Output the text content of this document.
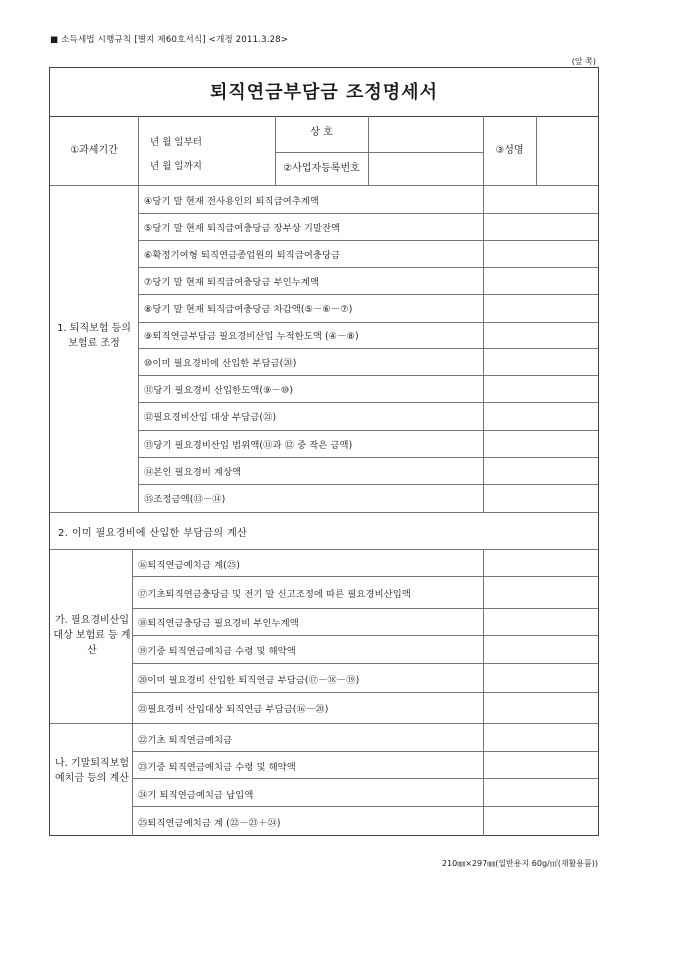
■ 소득세법 시행규칙 [별지 제60호서식] <개정 2011.3.28>
(앞 쪽)
퇴직연금부담금 조정명세서
①과세기간
년 월 일부터
년 월 일까지
상 호
②사업자등록번호
③성명
1. 퇴직보험 등의 보험료 조정
④당기 말 현재 전사용인의 퇴직급여추계액
⑤당기 말 현재 퇴직급여충당금 장부상 기말잔액
⑥확정기여형 퇴직연금종업원의 퇴직급여충당금
⑦당기 말 현재 퇴직급여충당금 부인누계액
⑧당기 말 현재 퇴직급여충당금 차감액(⑤－⑥－⑦)
⑨퇴직연금부담금 필요경비산입 누적한도액 (④－⑧)
⑩이미 필요경비에 산입한 부담금(⑳)
⑪당기 필요경비 산입한도액(⑨－⑩)
⑫필요경비산입 대상 부담금(㉑)
⑬당기 필요경비산입 범위액(⑪과 ⑫ 중 작은 금액)
⑭본인 필요경비 계상액
⑮조정금액(⑬－⑭)
2. 이미 필요경비에 산입한 부담금의 계산
가. 필요경비산입 대상 보험료 등 계산
⑯퇴직연금예치금 계(㉕)
⑰기초퇴직연금충당금 및 전기 말 신고조정에 따른 필요경비산입액
⑱퇴직연금충당금 필요경비 부인누계액
⑲기중 퇴직연금예치금 수령 및 해약액
⑳이미 필요경비 산입한 퇴직연금 부담금(⑰－⑱－⑲)
㉑필요경비 산입대상 퇴직연금 부담금(⑯－⑳)
나. 기말퇴직보험 예치금 등의 계산
㉒기초 퇴직연금예치금
㉓기중 퇴직연금예치금 수령 및 해약액
㉔기 퇴직연금예치금 납입액
㉕퇴직연금예치금 계 (㉒－㉓＋㉔)
210㎜×297㎜(일반용지 60g/㎡(재활용품))
